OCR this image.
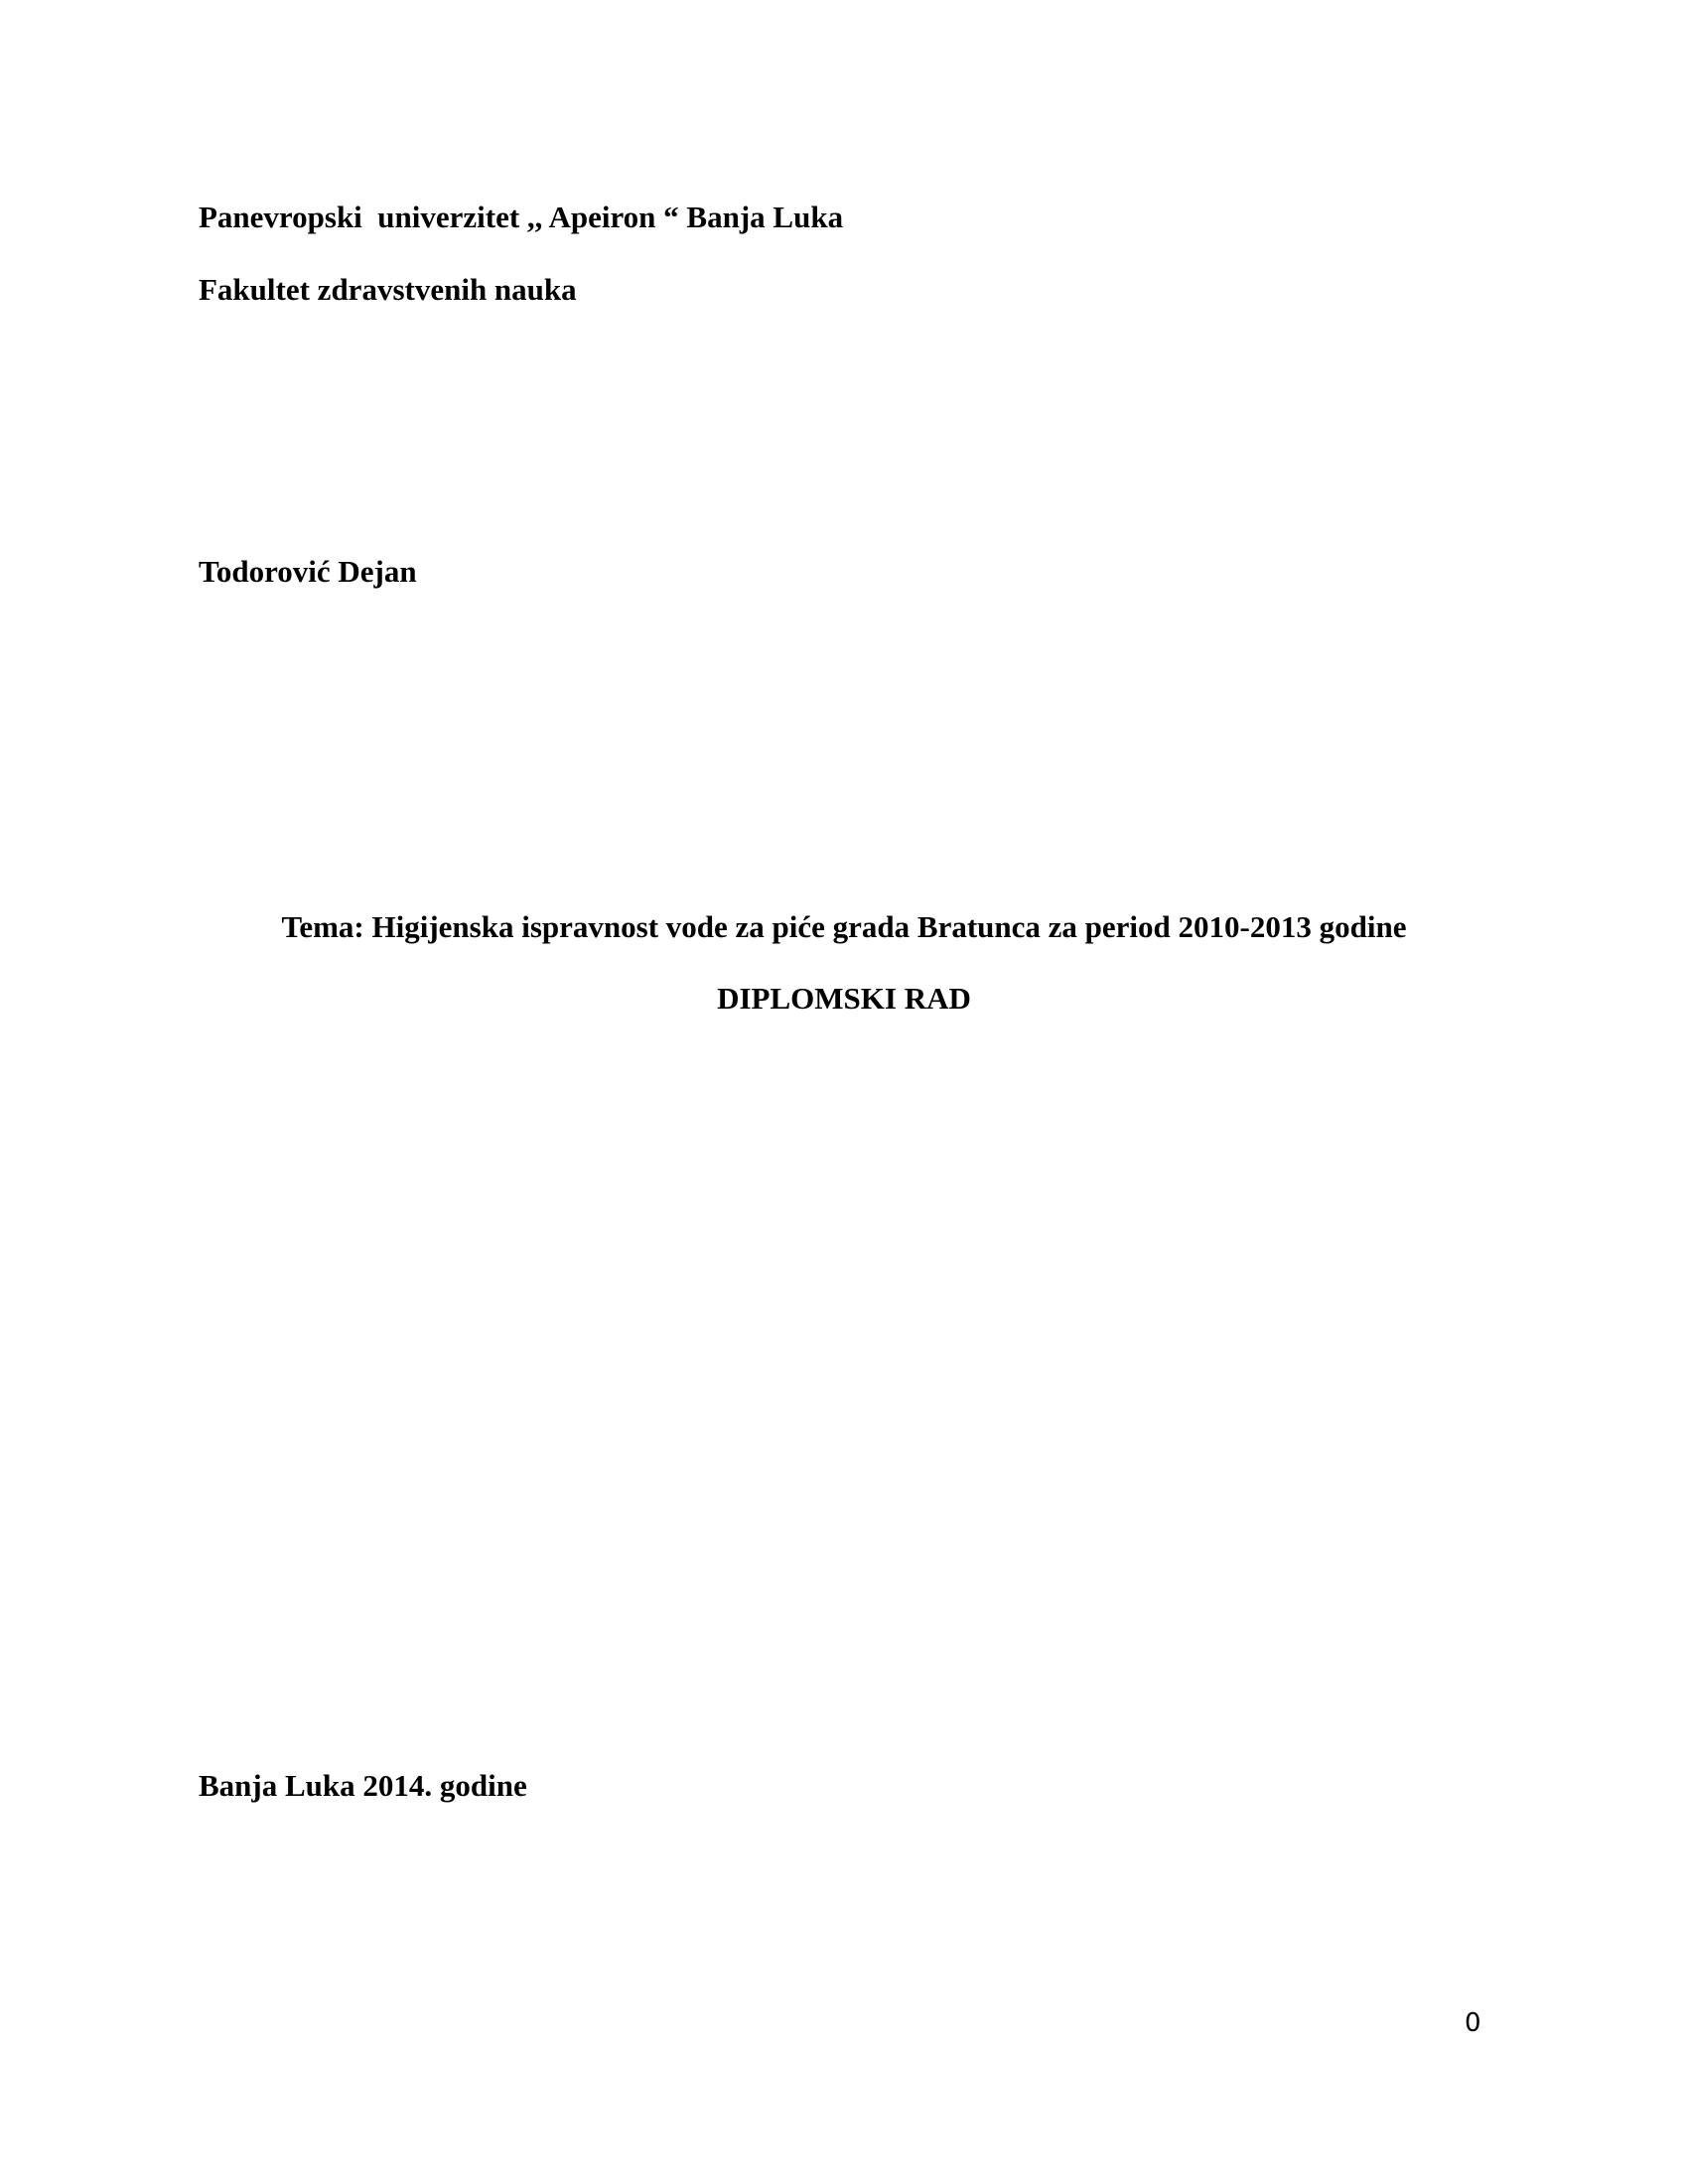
Panevropski  univerzitet ,, Apeiron “ Banja Luka
Fakultet zdravstvenih nauka
Todorović Dejan
Tema: Higijenska ispravnost vode za piće grada Bratunca za period 2010-2013 godine
DIPLOMSKI RAD
Banja Luka 2014. godine
0
